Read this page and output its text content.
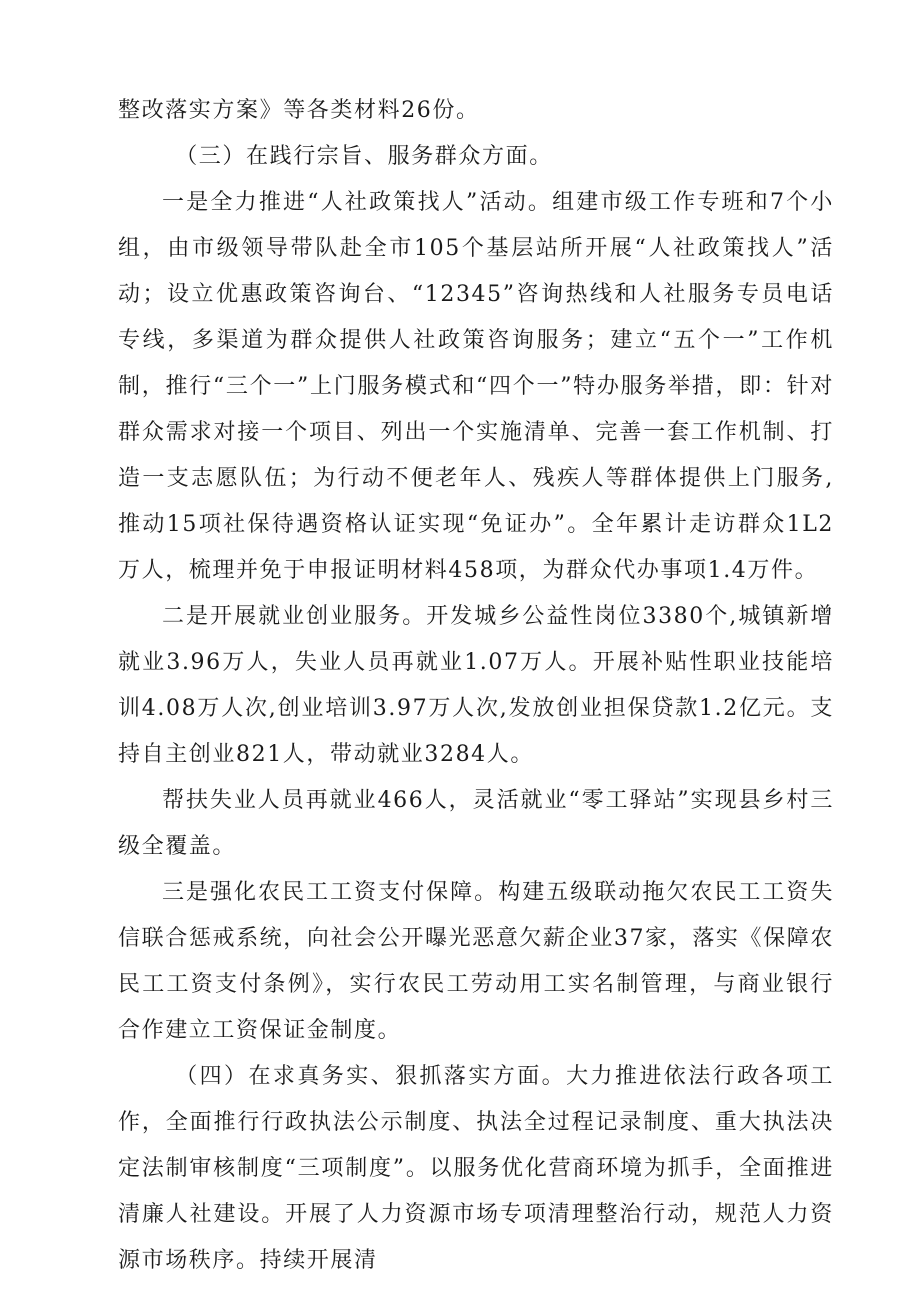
整改落实方案》等各类材料26份。

（三）在践行宗旨、服务群众方面。

一是全力推进“人社政策找人”活动。组建市级工作专班和7个小组，由市级领导带队赴全市105个基层站所开展“人社政策找人”活动；设立优惠政策咨询台、“12345”咨询热线和人社服务专员电话专线，多渠道为群众提供人社政策咨询服务；建立“五个一”工作机制，推行“三个一”上门服务模式和“四个一”特办服务举措，即：针对群众需求对接一个项目、列出一个实施清单、完善一套工作机制、打造一支志愿队伍；为行动不便老年人、残疾人等群体提供上门服务,推动15项社保待遇资格认证实现“免证办”。全年累计走访群众1L2万人，梳理并免于申报证明材料458项，为群众代办事项1.4万件。

二是开展就业创业服务。开发城乡公益性岗位3380个,城镇新增就业3.96万人，失业人员再就业1.07万人。开展补贴性职业技能培训4.08万人次,创业培训3.97万人次,发放创业担保贷款1.2亿元。支持自主创业821人，带动就业3284人。

帮扶失业人员再就业466人，灵活就业“零工驿站”实现县乡村三级全覆盖。

三是强化农民工工资支付保障。构建五级联动拖欠农民工工资失信联合惩戒系统，向社会公开曝光恶意欠薪企业37家，落实《保障农民工工资支付条例》，实行农民工劳动用工实名制管理，与商业银行合作建立工资保证金制度。

（四）在求真务实、狠抓落实方面。大力推进依法行政各项工作，全面推行行政执法公示制度、执法全过程记录制度、重大执法决定法制审核制度“三项制度”。以服务优化营商环境为抓手，全面推进清廉人社建设。开展了人力资源市场专项清理整治行动，规范人力资源市场秩序。持续开展清
